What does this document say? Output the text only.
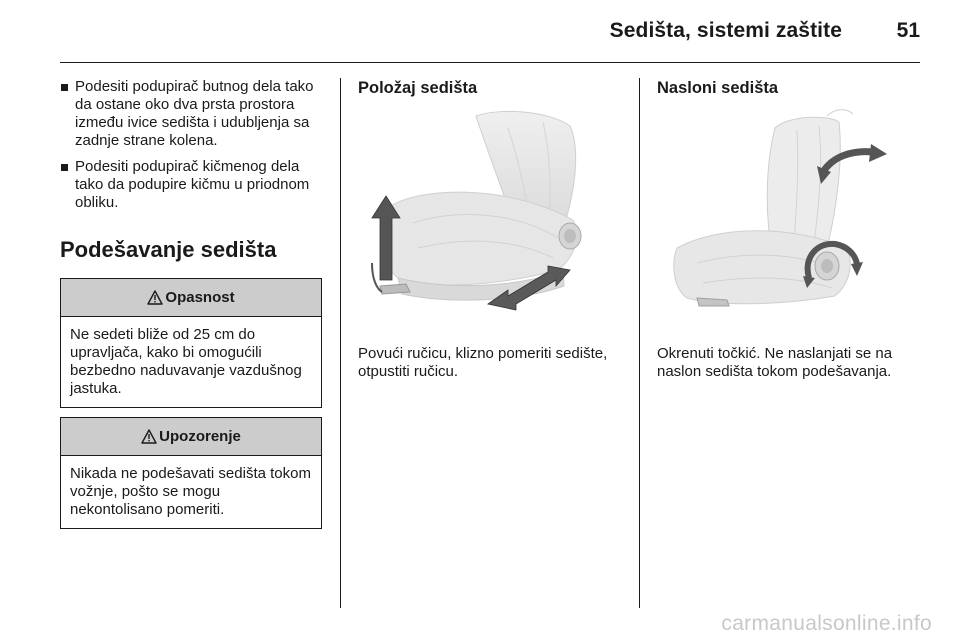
Sedišta, sistemi zaštite	51
Podesiti podupirač butnog dela tako da ostane oko dva prsta prostora između ivice sedišta i udubljenja sa zadnje strane kolena.
Podesiti podupirač kičmenog dela tako da podupire kičmu u priodnom obliku.
Podešavanje sedišta
Opasnost
Ne sedeti bliže od 25 cm do upravljača, kako bi omogućili bezbedno naduvavanje vazdušnog jastuka.
Upozorenje
Nikada ne podešavati sedišta tokom vožnje, pošto se mogu nekontolisano pomeriti.
Položaj sedišta
Povući ručicu, klizno pomeriti sedište, otpustiti ručicu.
Nasloni sedišta
Okrenuti točkić. Ne naslanjati se na naslon sedišta tokom podešavanja.
carmanualsonline.info
